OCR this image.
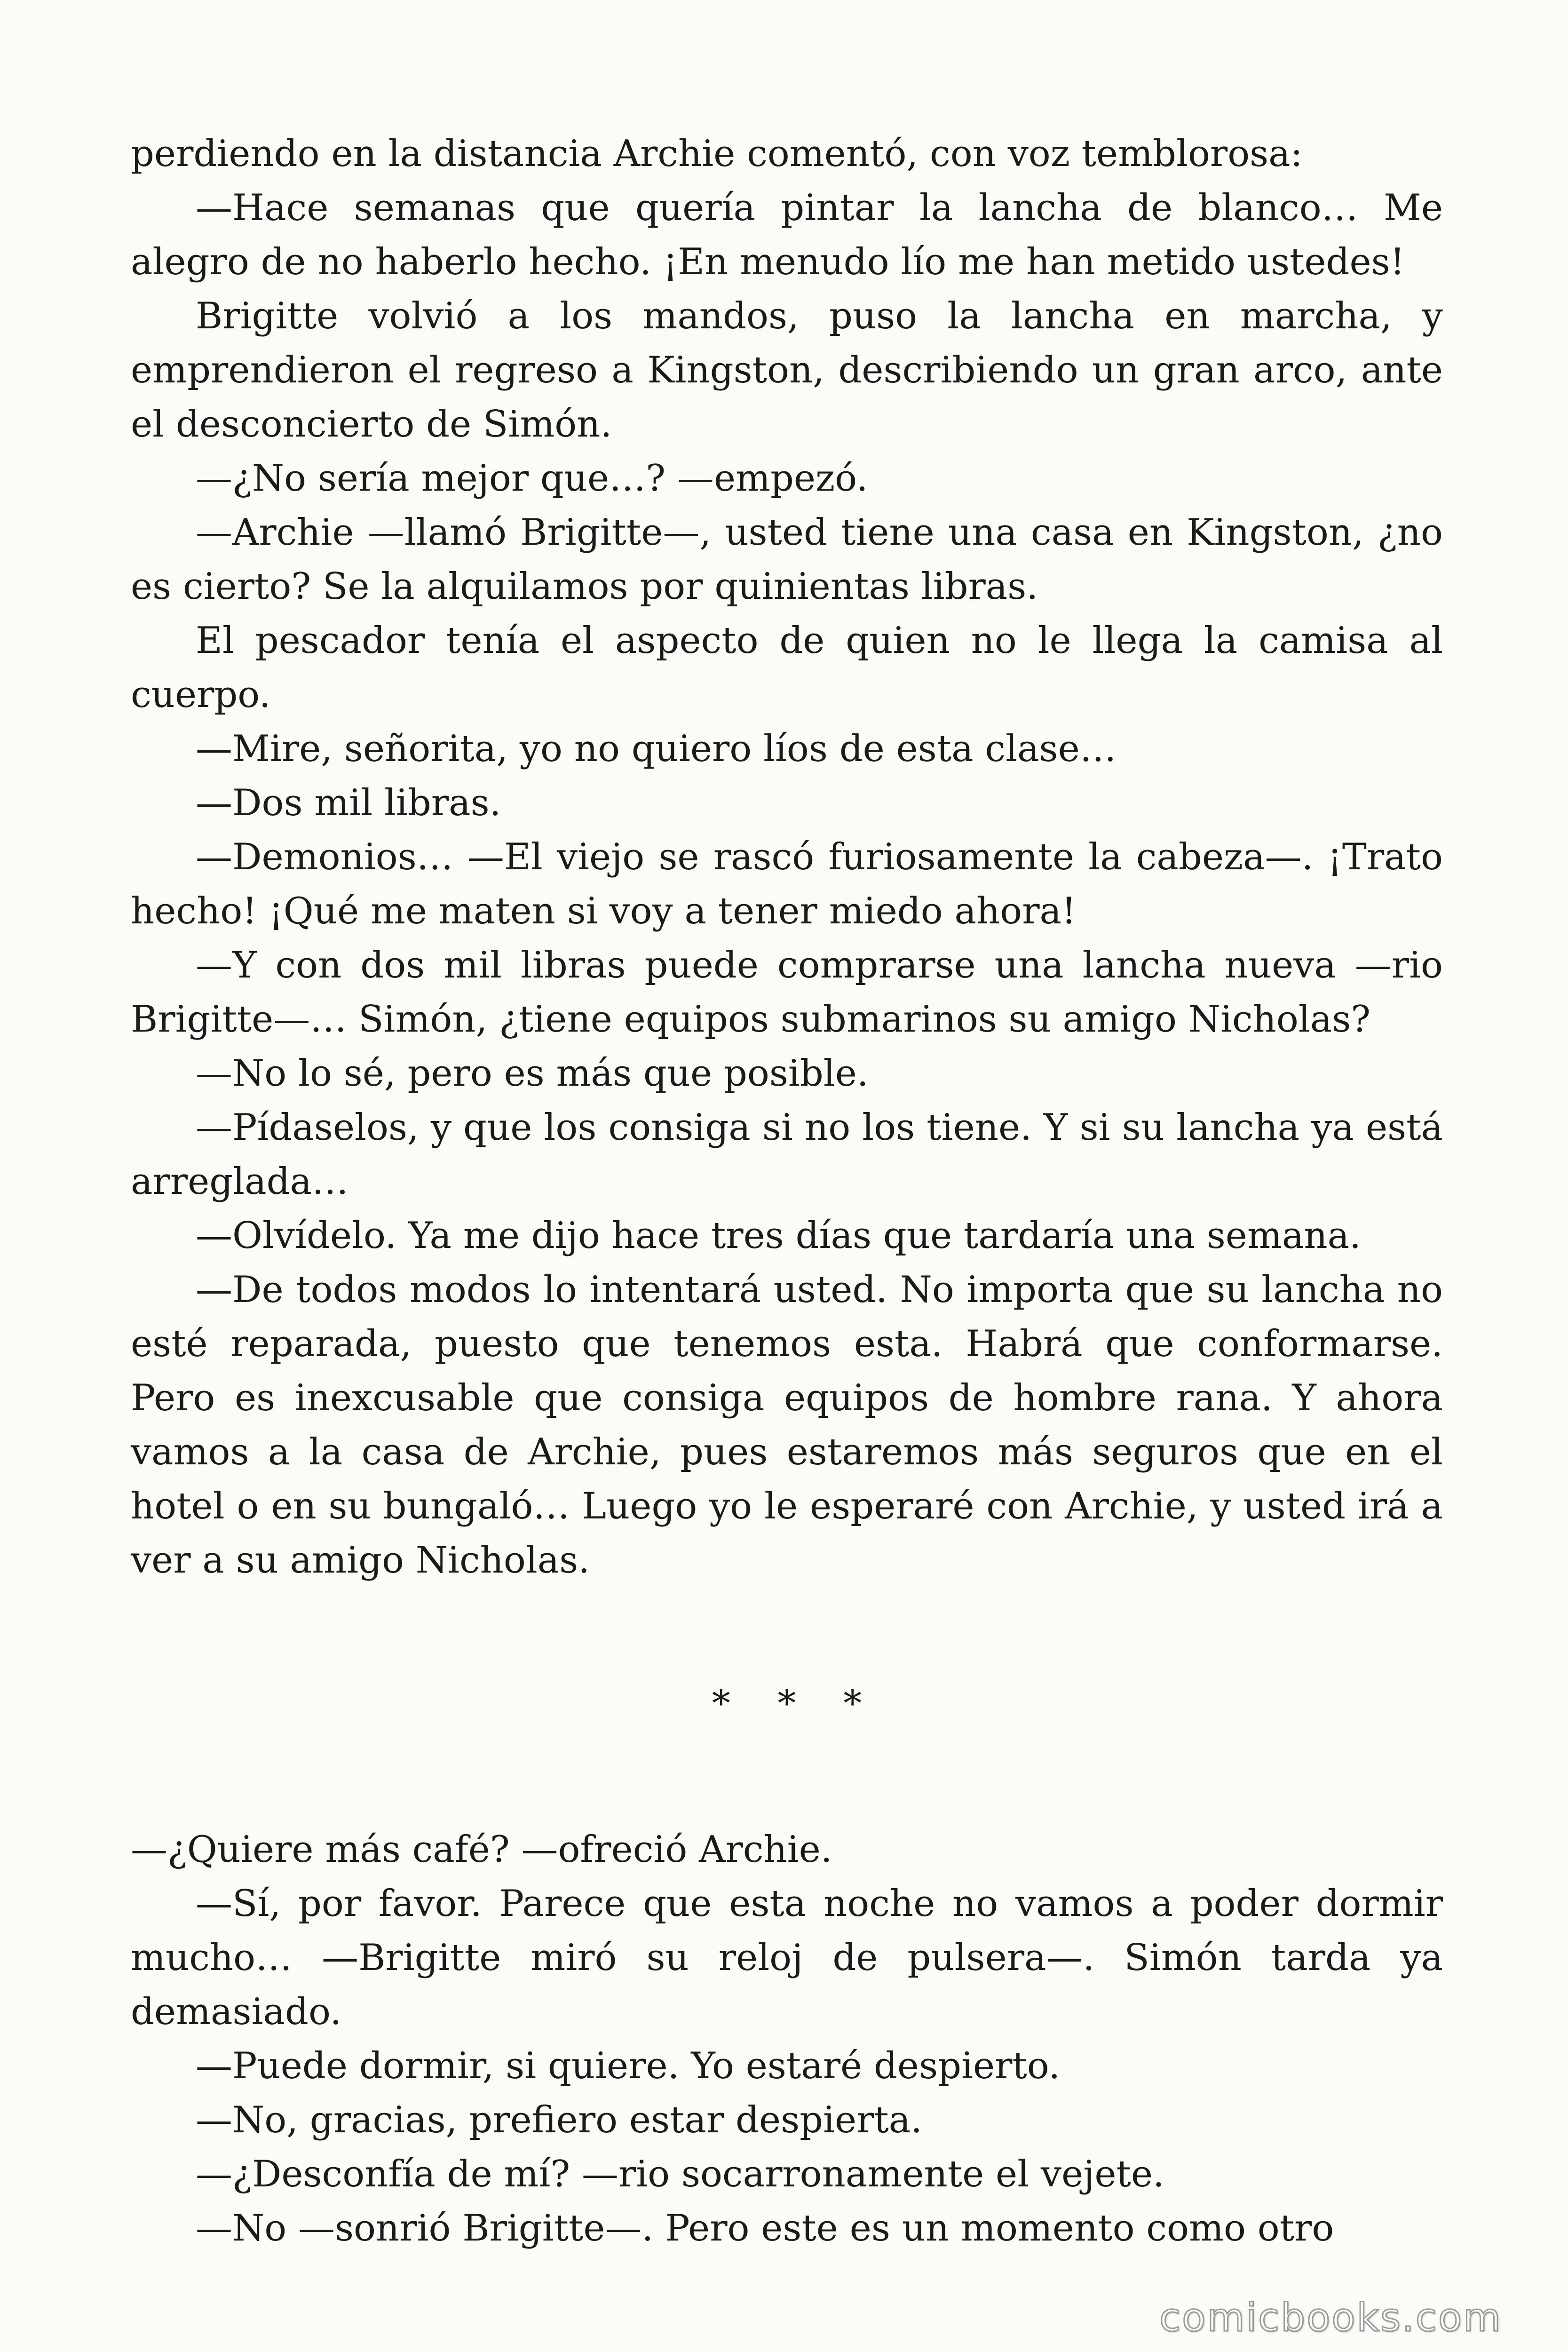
perdiendo en la distancia Archie comentó, con voz temblorosa:

—Hace semanas que quería pintar la lancha de blanco… Me alegro de no haberlo hecho. ¡En menudo lío me han metido ustedes!

Brigitte volvió a los mandos, puso la lancha en marcha, y emprendieron el regreso a Kingston, describiendo un gran arco, ante el desconcierto de Simón.

—¿No sería mejor que…? —empezó.

—Archie —llamó Brigitte—, usted tiene una casa en Kingston, ¿no es cierto? Se la alquilamos por quinientas libras.

El pescador tenía el aspecto de quien no le llega la camisa al cuerpo.

—Mire, señorita, yo no quiero líos de esta clase…

—Dos mil libras.

—Demonios… —El viejo se rascó furiosamente la cabeza—. ¡Trato hecho! ¡Qué me maten si voy a tener miedo ahora!

—Y con dos mil libras puede comprarse una lancha nueva —rio Brigitte—… Simón, ¿tiene equipos submarinos su amigo Nicholas?

—No lo sé, pero es más que posible.

—Pídaselos, y que los consiga si no los tiene. Y si su lancha ya está arreglada…

—Olvídelo. Ya me dijo hace tres días que tardaría una semana.

—De todos modos lo intentará usted. No importa que su lancha no esté reparada, puesto que tenemos esta. Habrá que conformarse. Pero es inexcusable que consiga equipos de hombre rana. Y ahora vamos a la casa de Archie, pues estaremos más seguros que en el hotel o en su bungaló… Luego yo le esperaré con Archie, y usted irá a ver a su amigo Nicholas.

* * *

—¿Quiere más café? —ofreció Archie.

—Sí, por favor. Parece que esta noche no vamos a poder dormir mucho… —Brigitte miró su reloj de pulsera—. Simón tarda ya demasiado.

—Puede dormir, si quiere. Yo estaré despierto.

—No, gracias, prefiero estar despierta.

—¿Desconfía de mí? —rio socarronamente el vejete.

—No —sonrió Brigitte—. Pero este es un momento como otro

comicbooks.com
